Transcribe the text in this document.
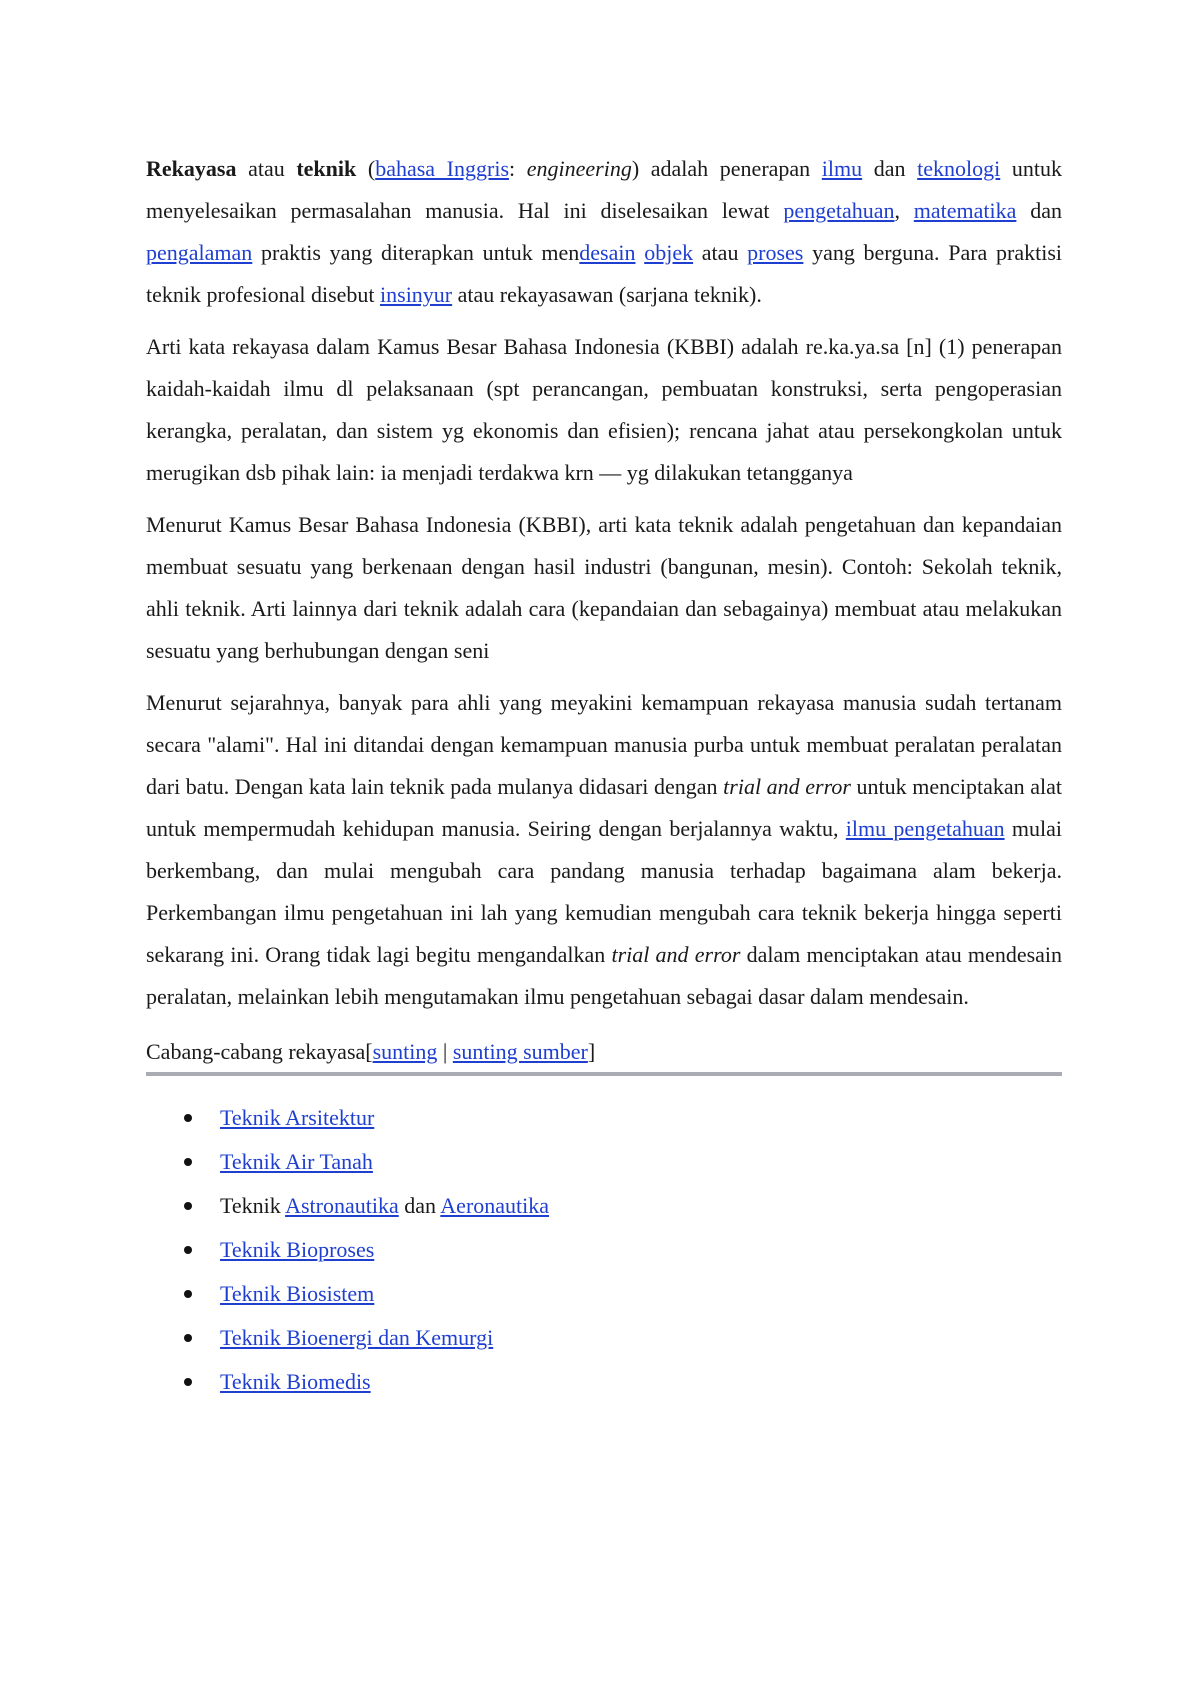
Rekayasa atau teknik (bahasa Inggris: engineering) adalah penerapan ilmu dan teknologi untuk menyelesaikan permasalahan manusia. Hal ini diselesaikan lewat pengetahuan, matematika dan pengalaman praktis yang diterapkan untuk mendesain objek atau proses yang berguna. Para praktisi teknik profesional disebut insinyur atau rekayasawan (sarjana teknik).

Arti kata rekayasa dalam Kamus Besar Bahasa Indonesia (KBBI) adalah re.ka.ya.sa [n] (1) penerapan kaidah-kaidah ilmu dl pelaksanaan (spt perancangan, pembuatan konstruksi, serta pengoperasian kerangka, peralatan, dan sistem yg ekonomis dan efisien); rencana jahat atau persekongkolan untuk merugikan dsb pihak lain: ia menjadi terdakwa krn — yg dilakukan tetangganya

Menurut Kamus Besar Bahasa Indonesia (KBBI), arti kata teknik adalah pengetahuan dan kepandaian membuat sesuatu yang berkenaan dengan hasil industri (bangunan, mesin). Contoh: Sekolah teknik, ahli teknik. Arti lainnya dari teknik adalah cara (kepandaian dan sebagainya) membuat atau melakukan sesuatu yang berhubungan dengan seni

Menurut sejarahnya, banyak para ahli yang meyakini kemampuan rekayasa manusia sudah tertanam secara "alami". Hal ini ditandai dengan kemampuan manusia purba untuk membuat peralatan peralatan dari batu. Dengan kata lain teknik pada mulanya didasari dengan trial and error untuk menciptakan alat untuk mempermudah kehidupan manusia. Seiring dengan berjalannya waktu, ilmu pengetahuan mulai berkembang, dan mulai mengubah cara pandang manusia terhadap bagaimana alam bekerja. Perkembangan ilmu pengetahuan ini lah yang kemudian mengubah cara teknik bekerja hingga seperti sekarang ini. Orang tidak lagi begitu mengandalkan trial and error dalam menciptakan atau mendesain peralatan, melainkan lebih mengutamakan ilmu pengetahuan sebagai dasar dalam mendesain.

Cabang-cabang rekayasa[sunting | sunting sumber]
Teknik Arsitektur
Teknik Air Tanah
Teknik Astronautika dan Aeronautika
Teknik Bioproses
Teknik Biosistem
Teknik Bioenergi dan Kemurgi
Teknik Biomedis
